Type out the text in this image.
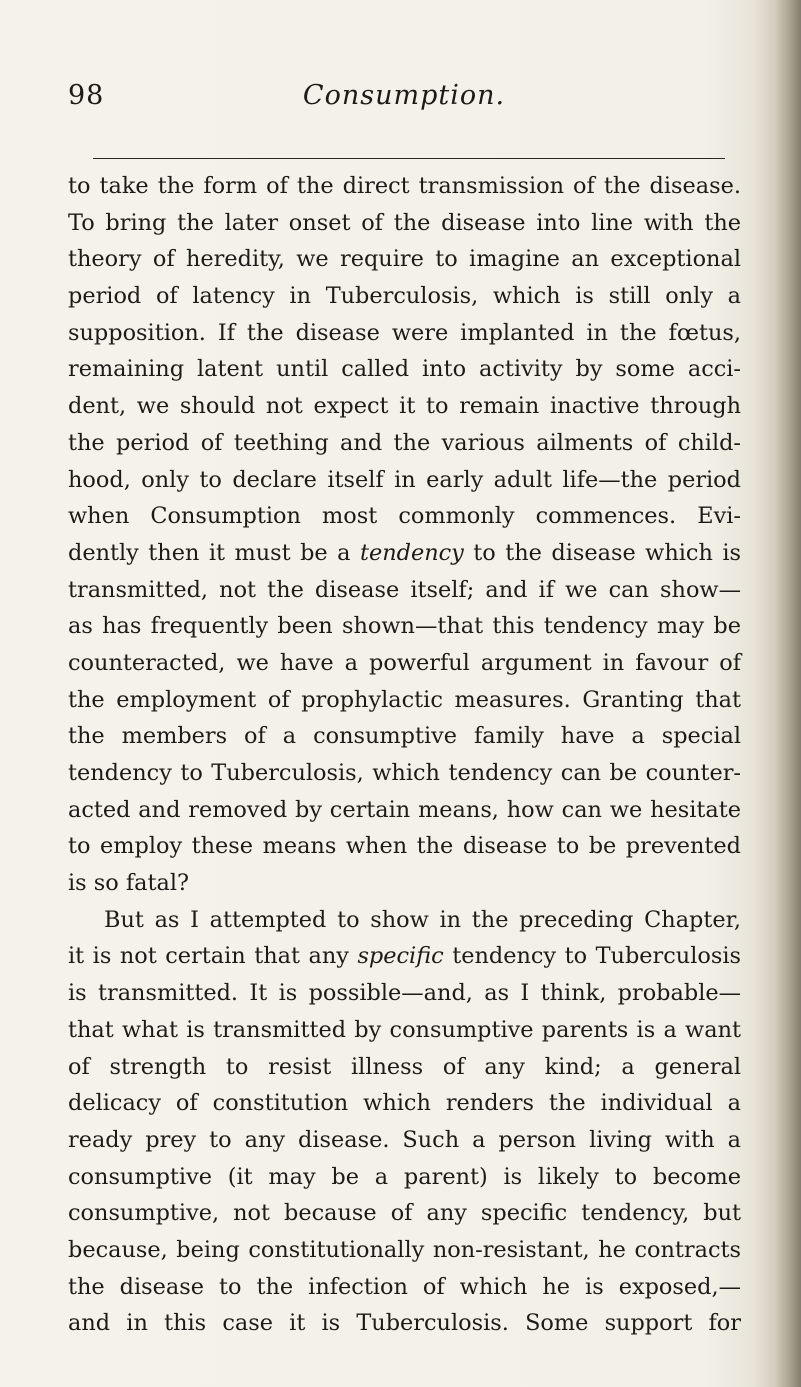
98	Consumption.
to take the form of the direct transmission of the disease.
To bring the later onset of the disease into line with the
theory of heredity, we require to imagine an exceptional
period of latency in Tuberculosis, which is still only a
supposition. If the disease were implanted in the fœtus,
remaining latent until called into activity by some acci-
dent, we should not expect it to remain inactive through
the period of teething and the various ailments of child-
hood, only to declare itself in early adult life—the period
when Consumption most commonly commences. Evi-
dently then it must be a tendency to the disease which is
transmitted, not the disease itself; and if we can show—
as has frequently been shown—that this tendency may be
counteracted, we have a powerful argument in favour of
the employment of prophylactic measures. Granting that
the members of a consumptive family have a special
tendency to Tuberculosis, which tendency can be counter-
acted and removed by certain means, how can we hesitate
to employ these means when the disease to be prevented
is so fatal?
But as I attempted to show in the preceding Chapter,
it is not certain that any specific tendency to Tuberculosis
is transmitted. It is possible—and, as I think, probable—
that what is transmitted by consumptive parents is a want
of strength to resist illness of any kind; a general
delicacy of constitution which renders the individual a
ready prey to any disease. Such a person living with a
consumptive (it may be a parent) is likely to become
consumptive, not because of any specific tendency, but
because, being constitutionally non-resistant, he contracts
the disease to the infection of which he is exposed,—
and in this case it is Tuberculosis. Some support for
